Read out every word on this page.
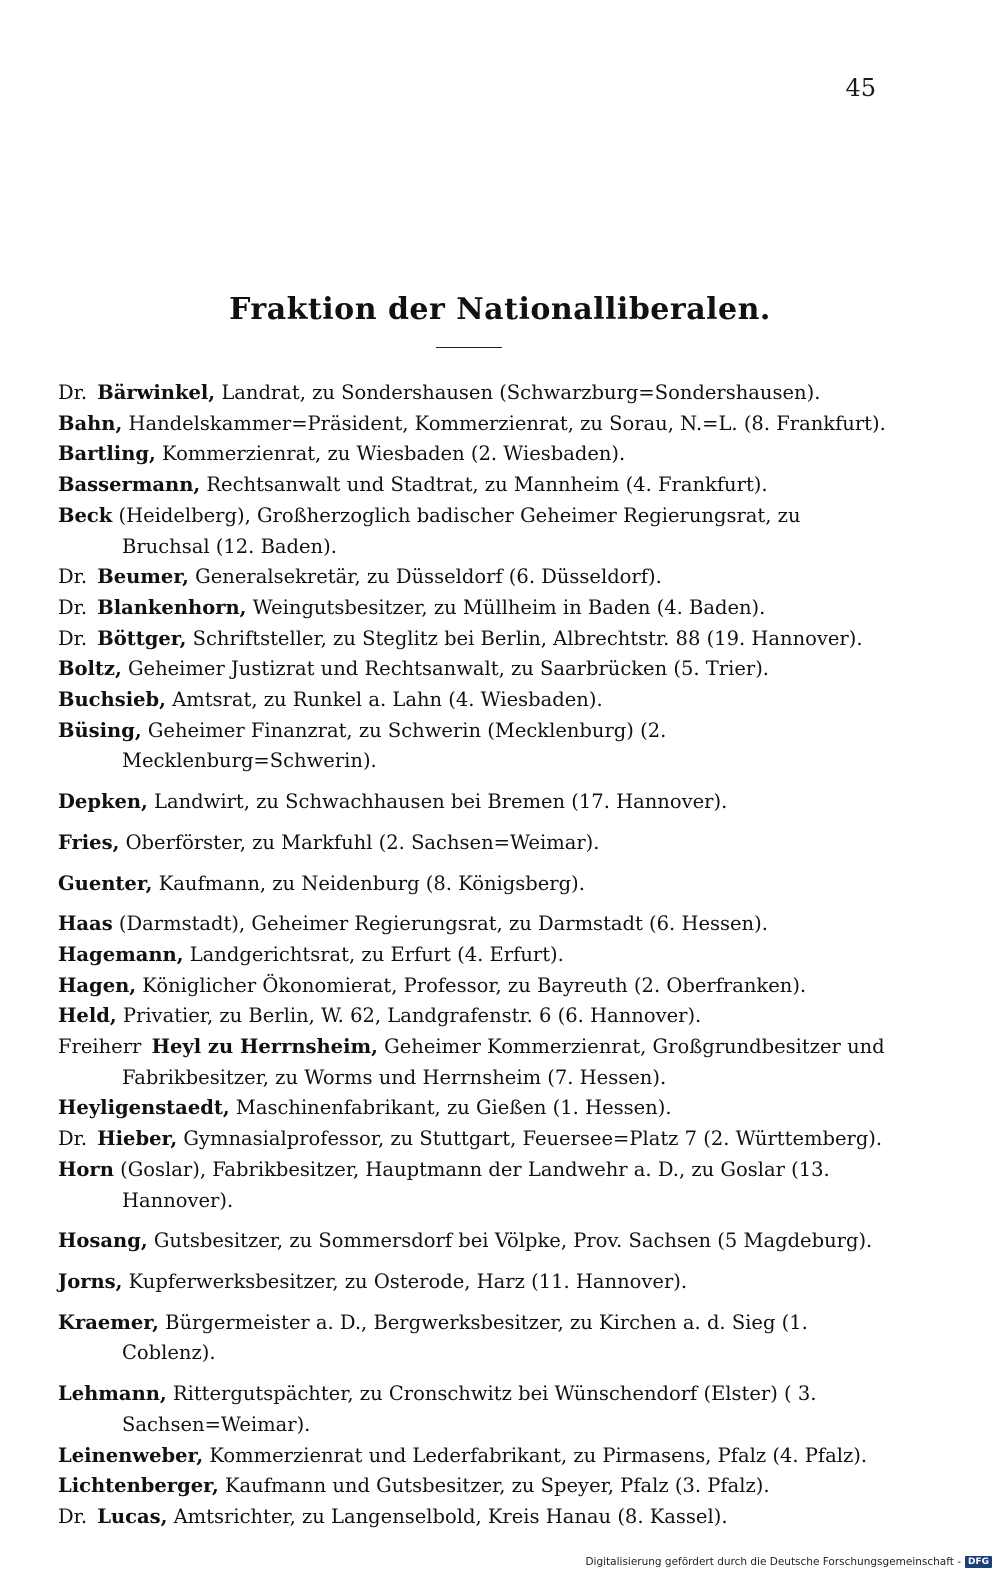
45
Fraktion der Nationalliberalen.

Dr. Bärwinkel, Landrat, zu Sondershausen (Schwarzburg=Sondershausen).

Bahn, Handelskammer=Präsident, Kommerzienrat, zu Sorau, N.=L. (8. Frankfurt).

Bartling, Kommerzienrat, zu Wiesbaden (2. Wiesbaden).

Bassermann, Rechtsanwalt und Stadtrat, zu Mannheim (4. Frankfurt).

Beck (Heidelberg), Großherzoglich badischer Geheimer Regierungsrat, zu Bruchsal (12. Baden).

Dr. Beumer, Generalsekretär, zu Düsseldorf (6. Düsseldorf).

Dr. Blankenhorn, Weingutsbesitzer, zu Müllheim in Baden (4. Baden).

Dr. Böttger, Schriftsteller, zu Steglitz bei Berlin, Albrechtstr. 88 (19. Hannover).

Boltz, Geheimer Justizrat und Rechtsanwalt, zu Saarbrücken (5. Trier).

Buchsieb, Amtsrat, zu Runkel a. Lahn (4. Wiesbaden).

Büsing, Geheimer Finanzrat, zu Schwerin (Mecklenburg) (2. Mecklenburg=Schwerin).

Depken, Landwirt, zu Schwachhausen bei Bremen (17. Hannover).

Fries, Oberförster, zu Markfuhl (2. Sachsen=Weimar).

Guenter, Kaufmann, zu Neidenburg (8. Königsberg).

Haas (Darmstadt), Geheimer Regierungsrat, zu Darmstadt (6. Hessen).

Hagemann, Landgerichtsrat, zu Erfurt (4. Erfurt).

Hagen, Königlicher Ökonomierat, Professor, zu Bayreuth (2. Oberfranken).

Held, Privatier, zu Berlin, W. 62, Landgrafenstr. 6 (6. Hannover).

Freiherr Heyl zu Herrnsheim, Geheimer Kommerzienrat, Großgrundbesitzer und Fabrikbesitzer, zu Worms und Herrnsheim (7. Hessen).

Heyligenstaedt, Maschinenfabrikant, zu Gießen (1. Hessen).

Dr. Hieber, Gymnasialprofessor, zu Stuttgart, Feuersee=Platz 7 (2. Württemberg).

Horn (Goslar), Fabrikbesitzer, Hauptmann der Landwehr a. D., zu Goslar (13. Hannover).

Hosang, Gutsbesitzer, zu Sommersdorf bei Völpke, Prov. Sachsen (5 Magdeburg).

Jorns, Kupferwerksbesitzer, zu Osterode, Harz (11. Hannover).

Kraemer, Bürgermeister a. D., Bergwerksbesitzer, zu Kirchen a. d. Sieg (1. Coblenz).

Lehmann, Rittergutspächter, zu Cronschwitz bei Wünschendorf (Elster) ( 3. Sachsen=Weimar).

Leinenweber, Kommerzienrat und Lederfabrikant, zu Pirmasens, Pfalz (4. Pfalz).

Lichtenberger, Kaufmann und Gutsbesitzer, zu Speyer, Pfalz (3. Pfalz).

Dr. Lucas, Amtsrichter, zu Langenselbold, Kreis Hanau (8. Kassel).

Digitalisierung gefördert durch die Deutsche Forschungsgemeinschaft - DFG
